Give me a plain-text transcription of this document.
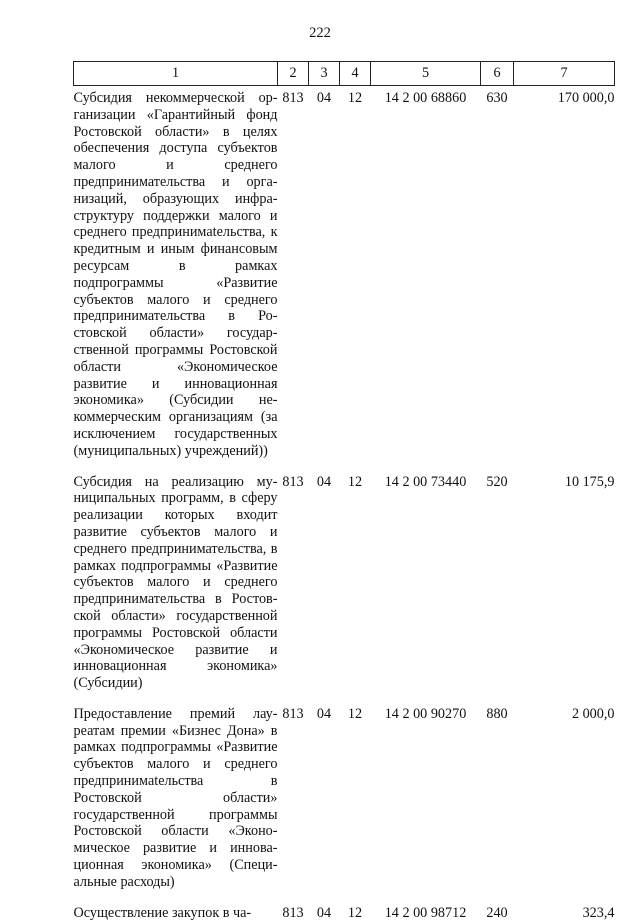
222
1	2	3	4	5	6	7
Субсидия некоммерческой организации «Гарантийный фонд Ростовской области» в целях обеспечения доступа субъектов малого и среднего предпринимательства и организаций, образующих инфраструктуру поддержки малого и среднего предпринимatельства, к кредитным и иным финансовым ресурсам в рамках подпрограммы «Развитие субъектов малого и среднего предпринимательства в Ростовской области» государственной программы Ростовской области «Экономическое развитие и инновационная экономика» (Субсидии некоммерческим организациям (за исключением государственных (муниципальных) учреждений))	813	04	12	14 2 00 68860	630	170 000,0
Субсидия на реализацию муниципальных программ, в сферу реализации которых входит развитие субъектов малого и среднего предпринимательства, в рамках подпрограммы «Развитие субъектов малого и среднего предпринимательства в Ростовской области» государственной программы Ростовской области «Экономическое развитие и инновационная экономика» (Субсидии)	813	04	12	14 2 00 73440	520	10 175,9
Предоставление премий лауреатам премии «Бизнес Дона» в рамках подпрограммы «Развитие субъектов малого и среднего предпринимatельства в Ростовской области» государственной программы Ростовской области «Экономическое развитие и инновационная экономика» (Специальные расходы)	813	04	12	14 2 00 90270	880	2 000,0
Осуществление закупок в ча-	813	04	12	14 2 00 98712	240	323,4
